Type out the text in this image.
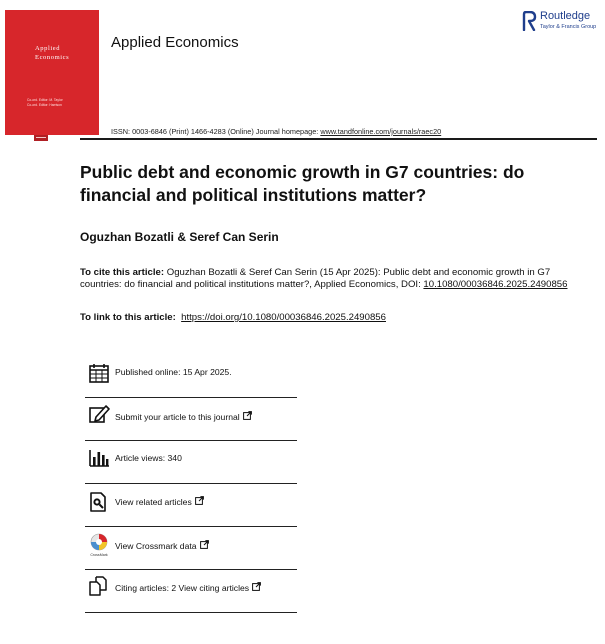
Applied
Economics
Co-ord. Editor: M. Taylor
Co-ord. Editor: Harrison
Applied Economics
Routledge
Taylor & Francis Group
ISSN: 0003-6846 (Print) 1466-4283 (Online) Journal homepage: www.tandfonline.com/journals/raec20
Public debt and economic growth in G7 countries: do financial and political institutions matter?
Oguzhan Bozatli & Seref Can Serin
To cite this article: Oguzhan Bozatli & Seref Can Serin (15 Apr 2025): Public debt and economic growth in G7 countries: do financial and political institutions matter?, Applied Economics, DOI: 10.1080/00036846.2025.2490856
To link to this article: https://doi.org/10.1080/00036846.2025.2490856
Published online: 15 Apr 2025.
Submit your article to this journal
Article views: 340
View related articles
CrossMark
View Crossmark data
Citing articles: 2 View citing articles
